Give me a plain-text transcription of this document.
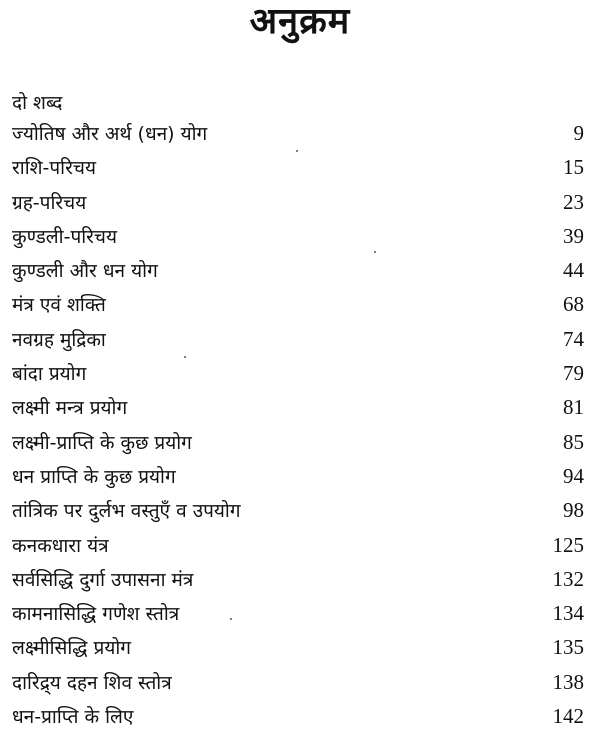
अनुक्रम
दो शब्द
ज्योतिष और अर्थ (धन) योग	9
राशि-परिचय	15
ग्रह-परिचय	23
कुण्डली-परिचय	39
कुण्डली और धन योग	44
मंत्र एवं शक्ति	68
नवग्रह मुद्रिका	74
बांदा प्रयोग	79
लक्ष्मी मन्त्र प्रयोग	81
लक्ष्मी-प्राप्ति के कुछ प्रयोग	85
धन प्राप्ति के कुछ प्रयोग	94
तांत्रिक पर दुर्लभ वस्तुएँ व उपयोग	98
कनकधारा यंत्र	125
सर्वसिद्धि दुर्गा उपासना मंत्र	132
कामनासिद्धि गणेश स्तोत्र	134
लक्ष्मीसिद्धि प्रयोग	135
दारिद्र्य दहन शिव स्तोत्र	138
धन-प्राप्ति के लिए	142
